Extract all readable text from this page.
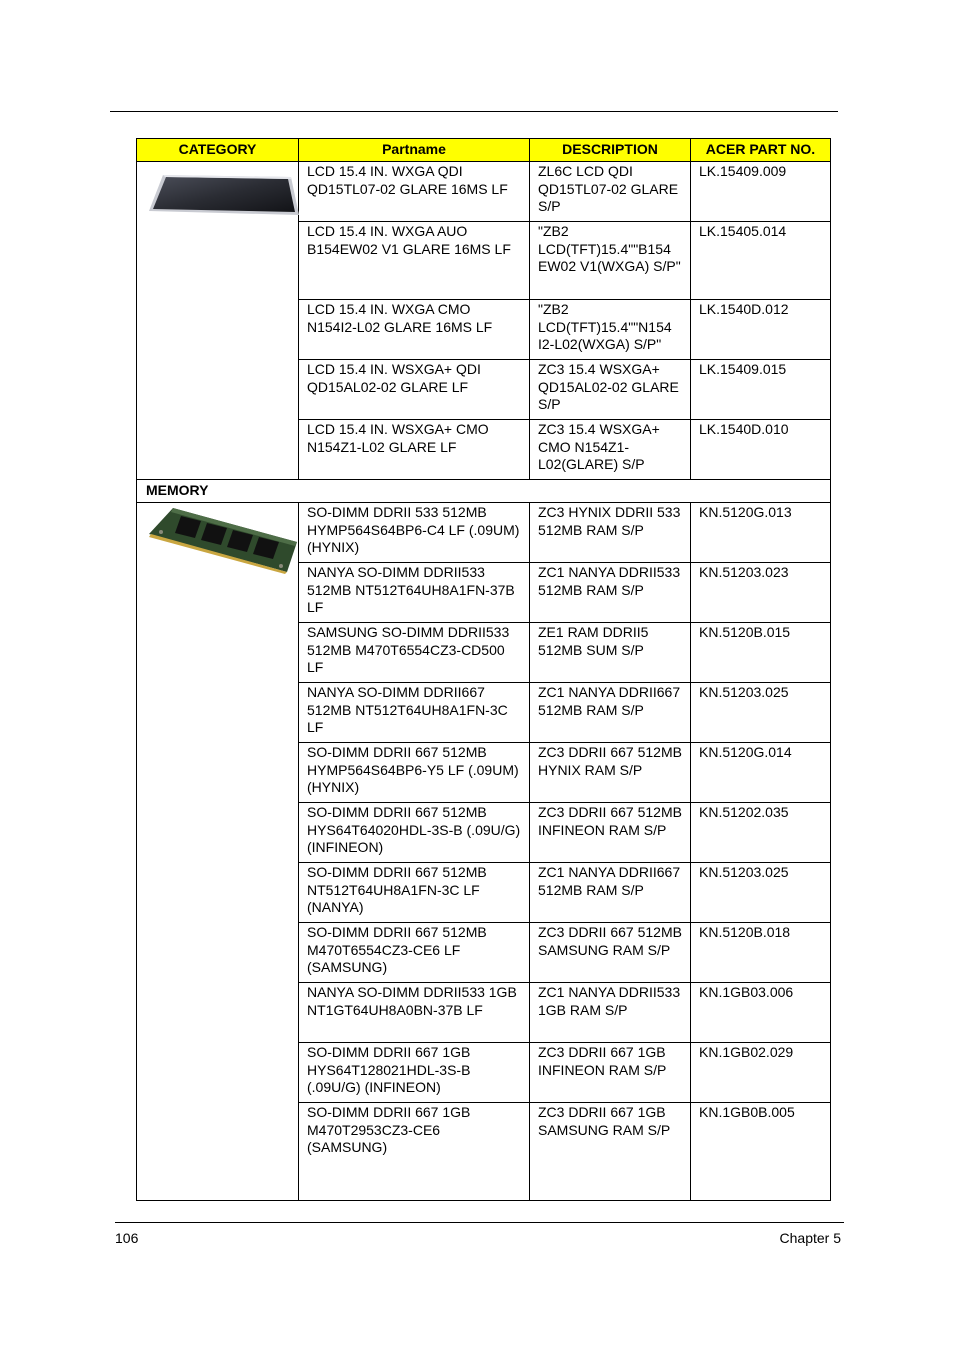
CATEGORY	Partname	DESCRIPTION	ACER PART NO.

	LCD 15.4 IN. WXGA QDI QD15TL07-02 GLARE 16MS LF	ZL6C LCD QDI QD15TL07-02 GLARE S/P	LK.15409.009
	LCD 15.4 IN. WXGA AUO B154EW02 V1 GLARE 16MS LF	"ZB2 LCD(TFT)15.4""B154 EW02 V1(WXGA) S/P"	LK.15405.014
	LCD 15.4 IN. WXGA CMO N154I2-L02 GLARE 16MS LF	"ZB2 LCD(TFT)15.4""N154 I2-L02(WXGA) S/P"	LK.1540D.012
	LCD 15.4 IN. WSXGA+ QDI QD15AL02-02 GLARE LF	ZC3 15.4 WSXGA+ QD15AL02-02 GLARE S/P	LK.15409.015
	LCD 15.4 IN. WSXGA+ CMO N154Z1-L02 GLARE LF	ZC3 15.4 WSXGA+ CMO N154Z1-L02(GLARE) S/P	LK.1540D.010
MEMORY			

	SO-DIMM DDRII 533 512MB HYMP564S64BP6-C4 LF (.09UM) (HYNIX)	ZC3 HYNIX DDRII 533 512MB RAM S/P	KN.5120G.013
	NANYA SO-DIMM DDRII533 512MB NT512T64UH8A1FN-37B LF	ZC1 NANYA DDRII533 512MB RAM S/P	KN.51203.023
	SAMSUNG SO-DIMM DDRII533 512MB M470T6554CZ3-CD500 LF	ZE1 RAM DDRII5 512MB SUM S/P	KN.5120B.015
	NANYA SO-DIMM DDRII667 512MB NT512T64UH8A1FN-3C LF	ZC1 NANYA DDRII667 512MB RAM S/P	KN.51203.025
	SO-DIMM DDRII 667 512MB HYMP564S64BP6-Y5 LF (.09UM) (HYNIX)	ZC3 DDRII 667 512MB HYNIX RAM S/P	KN.5120G.014
	SO-DIMM DDRII 667 512MB HYS64T64020HDL-3S-B (.09U/G) (INFINEON)	ZC3 DDRII 667 512MB INFINEON RAM S/P	KN.51202.035
	SO-DIMM DDRII 667 512MB NT512T64UH8A1FN-3C LF (NANYA)	ZC1 NANYA DDRII667 512MB RAM S/P	KN.51203.025
	SO-DIMM DDRII 667 512MB M470T6554CZ3-CE6 LF (SAMSUNG)	ZC3 DDRII 667 512MB SAMSUNG RAM S/P	KN.5120B.018
	NANYA SO-DIMM DDRII533 1GB NT1GT64UH8A0BN-37B LF	ZC1 NANYA DDRII533 1GB RAM S/P	KN.1GB03.006
	SO-DIMM DDRII 667 1GB HYS64T128021HDL-3S-B (.09U/G) (INFINEON)	ZC3 DDRII 667 1GB INFINEON RAM S/P	KN.1GB02.029
	SO-DIMM DDRII 667 1GB M470T2953CZ3-CE6 (SAMSUNG)	ZC3 DDRII 667 1GB SAMSUNG RAM S/P	KN.1GB0B.005
106	Chapter 5
